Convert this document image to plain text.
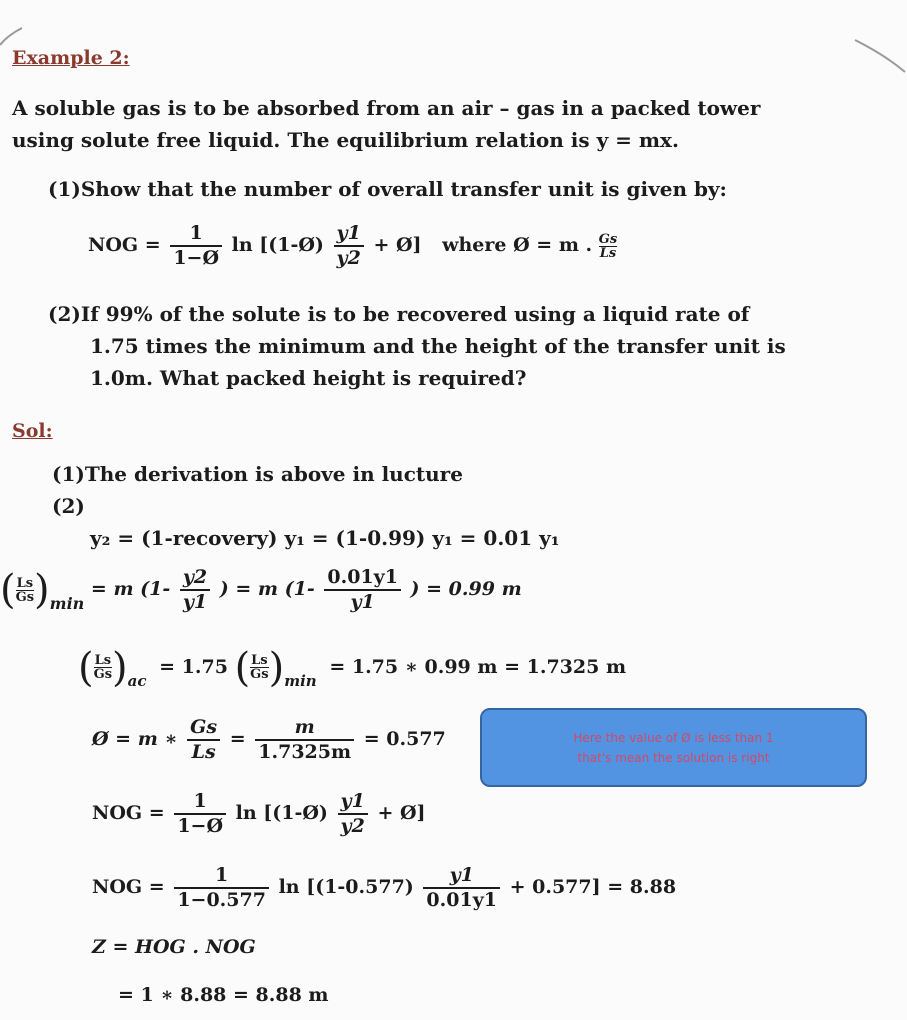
Example 2:
A soluble gas is to be absorbed from an air – gas in a packed tower
using solute free liquid. The equilibrium relation is y = mx.
(1)Show that the number of overall transfer unit is given by:
NOG = $\frac{1}{1-Ø}$ ln [(1-Ø) $\frac{y1}{y2}$ + Ø] where Ø = m . $\frac{Gs}{Ls}$
(2)If 99% of the solute is to be recovered using a liquid rate of
1.75 times the minimum and the height of the transfer unit is
1.0m. What packed height is required?
Sol:
(1)The derivation is above in lucture
(2)
y₂ = (1-recovery) y₁ = (1-0.99) y₁ = 0.01 y₁
( $\frac{Ls}{Gs}$ ) min
= m ($1- \frac{y2}{y1}$ ) = m ($1- \frac{0.01y1}{y1}$ ) = 0.99 m
( $\frac{Ls}{Gs}$ ) ac
= 1.75 ( $\frac{Ls}{Gs}$ ) min
= 1.75 ∗ 0.99 m = 1.7325 m
Ø = m ∗ $\frac{Gs}{Ls} = \frac{m}{1.7325m} = 0.577$	Here the value of Ø is less than 1
that's mean the solution is right
NOG = $\frac{1}{1-Ø}$ ln [(1-Ø) $\frac{y1}{y2}$ + Ø]
NOG = $\frac{1}{1-0.577}$ $\ln [(1-0.577) \frac{y1}{0.01y1} + 0.577] = 8.88$
Z = HOG . NOG
= 1 ∗ 8.88 = 8.88 m
